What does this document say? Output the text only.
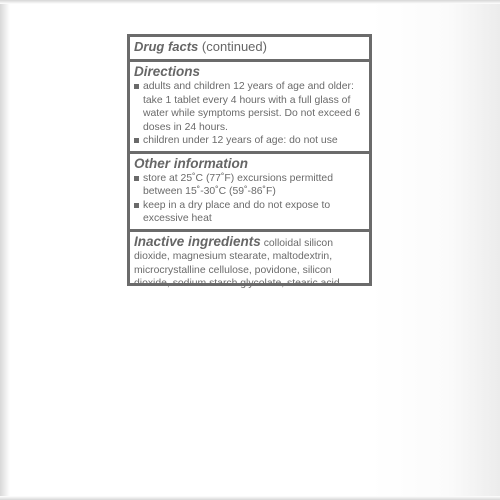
Drug facts (continued)
Directions
adults and children 12 years of age and older: take 1 tablet every 4 hours with a full glass of water while symptoms persist. Do not exceed 6 doses in 24 hours.
children under 12 years of age: do not use
Other information
store at 25˚C (77˚F) excursions permitted between 15˚-30˚C (59˚-86˚F)
keep in a dry place and do not expose to excessive heat
Inactive ingredients colloidal silicon dioxide, magnesium stearate, maltodextrin, microcrystalline cellulose, povidone, silicon dioxide, sodium starch glycolate, stearic acid
